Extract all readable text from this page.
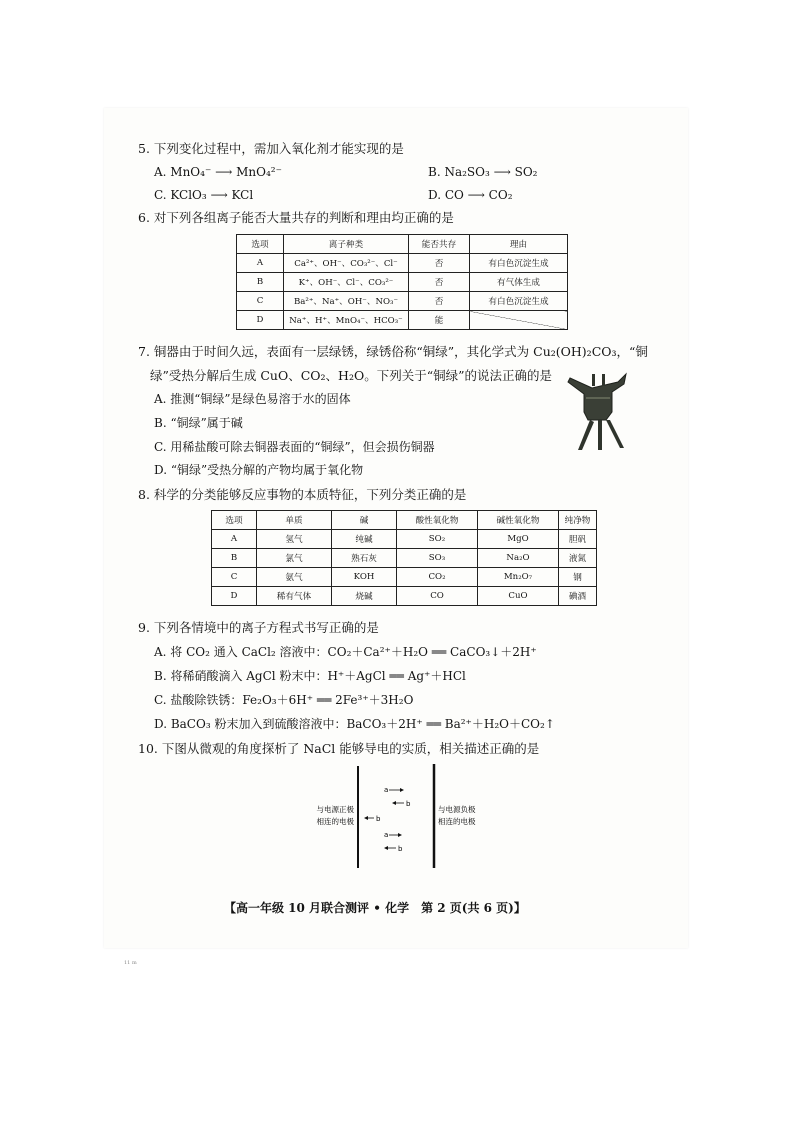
5. 下列变化过程中，需加入氧化剂才能实现的是
A. MnO₄⁻ ⟶ MnO₄²⁻	B. Na₂SO₃ ⟶ SO₂
C. KClO₃ ⟶ KCl	D. CO ⟶ CO₂
6. 对下列各组离子能否大量共存的判断和理由均正确的是
选项	离子种类	能否共存	理由
A	Ca²⁺、OH⁻、CO₃²⁻、Cl⁻	否	有白色沉淀生成
B	K⁺、OH⁻、Cl⁻、CO₃²⁻	否	有气体生成
C	Ba²⁺、Na⁺、OH⁻、NO₃⁻	否	有白色沉淀生成
D	Na⁺、H⁺、MnO₄⁻、HCO₃⁻	能	
7. 铜器由于时间久远，表面有一层绿锈，绿锈俗称“铜绿”，其化学式为 Cu₂(OH)₂CO₃，“铜
绿”受热分解后生成 CuO、CO₂、H₂O。下列关于“铜绿”的说法正确的是
A. 推测“铜绿”是绿色易溶于水的固体
B. “铜绿”属于碱
C. 用稀盐酸可除去铜器表面的“铜绿”，但会损伤铜器
D. “铜绿”受热分解的产物均属于氧化物
8. 科学的分类能够反应事物的本质特征，下列分类正确的是
选项	单质	碱	酸性氧化物	碱性氧化物	纯净物
A	氢气	纯碱	SO₂	MgO	胆矾
B	氯气	熟石灰	SO₃	Na₂O	液氮
C	氨气	KOH	CO₂	Mn₂O₇	钢
D	稀有气体	烧碱	CO	CuO	碘酒
9. 下列各情境中的离子方程式书写正确的是
A. 将 CO₂ 通入 CaCl₂ 溶液中：CO₂＋Ca²⁺＋H₂O ══ CaCO₃↓＋2H⁺
B. 将稀硝酸滴入 AgCl 粉末中：H⁺＋AgCl ══ Ag⁺＋HCl
C. 盐酸除铁锈：Fe₂O₃＋6H⁺ ══ 2Fe³⁺＋3H₂O
D. BaCO₃ 粉末加入到硫酸溶液中：BaCO₃＋2H⁺ ══ Ba²⁺＋H₂O＋CO₂↑
10. 下图从微观的角度探析了 NaCl 能够导电的实质，相关描述正确的是
与电源正极
相连的电极
与电源负极
相连的电极
a
b
b
a
b
【高一年级 10 月联合测评 • 化学　第 2 页(共 6 页)】
11 m
